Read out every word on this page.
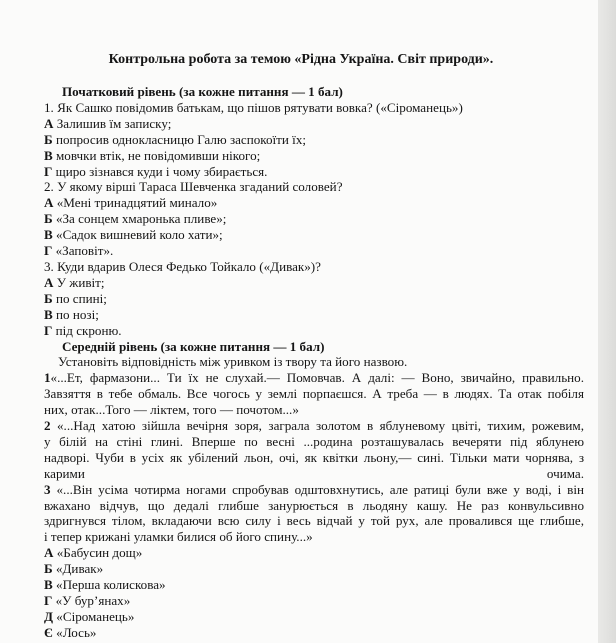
Контрольна робота за темою «Рідна Україна. Світ природи».
Початковий рівень (за кожне питання — 1 бал)
1. Як Сашко повідомив батькам, що пішов рятувати вовка? («Сіроманець»)
А Залишив їм записку;
Б попросив однокласницю Галю заспокоїти їх;
В мовчки втік, не повідомивши нікого;
Г щиро зізнався куди і чому збирається.
2. У якому вірші Тараса Шевченка згаданий соловей?
А «Мені тринадцятий минало»
Б «За сонцем хмаронька пливе»;
В «Садок вишневий коло хати»;
Г «Заповіт».
3. Куди вдарив Олеся Федько Тойкало («Дивак»)?
А У живіт;
Б по спині;
В по нозі;
Г під скроню.
Середній рівень (за кожне питання — 1 бал)
Установіть відповідність між уривком із твору та його назвою.
1«...Ет, фармазони... Ти їх не слухай.— Помовчав. А далі: — Воно, звичайно, правильно.
Завзяття в тебе обмаль. Все чогось у землі порпаєшся. А треба — в людях. Та отак побіля
них, отак...Того — ліктем, того — почотом...»
2 «...Над хатою зійшла вечірня зоря, заграла золотом в яблуневому цвіті, тихим, рожевим,
у білій на стіні глині. Вперше по весні ...родина розташувалась вечеряти під яблунею
надворі. Чуби в усіх як убілений льон, очі, як квітки льону,— сині. Тільки мати чорнява, з
карими очима.
3 «...Він усіма чотирма ногами спробував одштовхнутись, але ратиці були вже у воді, і він
вжахано відчув, що дедалі глибше занурюється в льодяну кашу. Не раз конвульсивно
здригнувся тілом, вкладаючи всю силу і весь відчай у той рух, але провалився ще глибше,
і тепер крижані уламки билися об його спину...»
А «Бабусин дощ»
Б «Дивак»
В «Перша колискова»
Г «У бур’янах»
Д «Сіроманець»
Є «Лось»
